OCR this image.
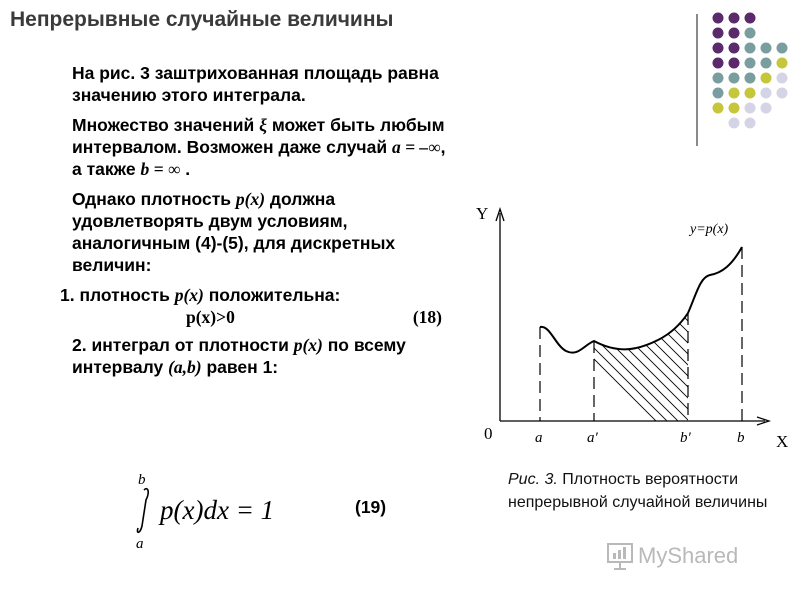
Непрерывные случайные величины
На рис. 3 заштрихованная площадь равна значению этого интеграла.
Множество значений ξ может быть любым интервалом. Возможен даже случай a = –∞, а также b = ∞ .
Однако плотность p(x) должна удовлетворять двум условиям, аналогичным (4)-(5), для дискретных величин:
1. плотность p(x) положительна:
p(x)>0	(18)
2. интеграл от плотности p(x) по всему интервалу (a,b) равен 1:
b
a
p(x)dx = 1	(19)
Y
X
0
y=p(x)
a	a′	b′	b
Рис. 3. Плотность вероятности непрерывной случайной величины
MyShared
